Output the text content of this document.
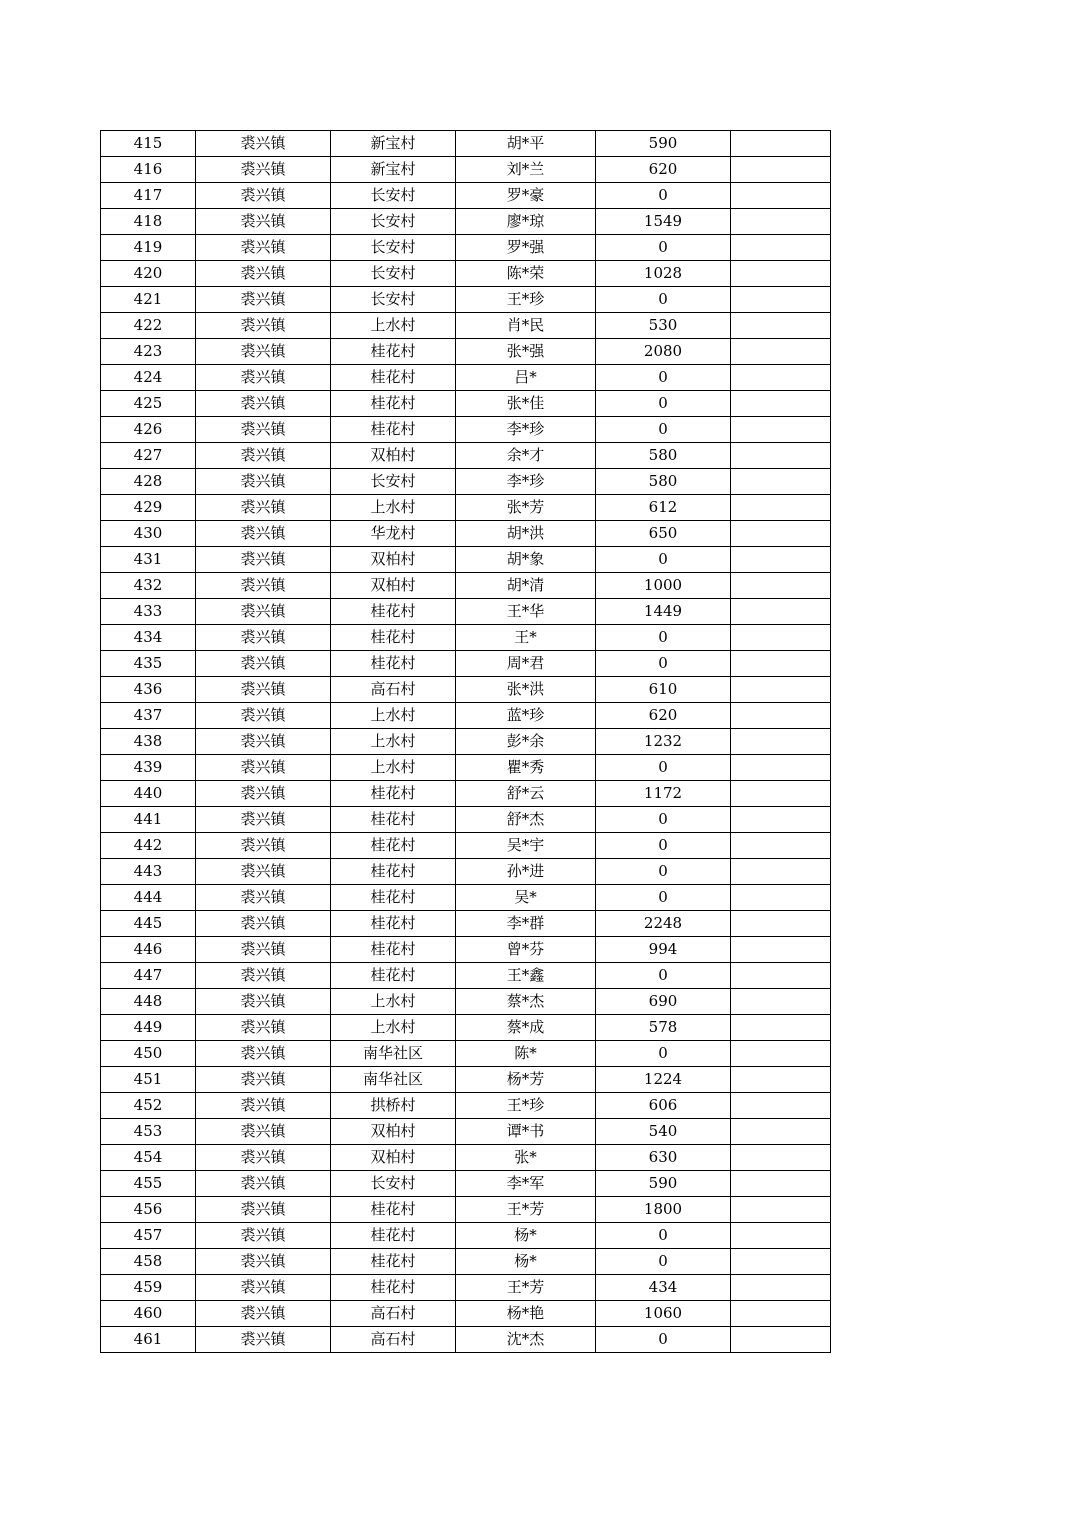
415	裘兴镇	新宝村	胡*平	590	
416	裘兴镇	新宝村	刘*兰	620	
417	裘兴镇	长安村	罗*豪	0	
418	裘兴镇	长安村	廖*琼	1549	
419	裘兴镇	长安村	罗*强	0	
420	裘兴镇	长安村	陈*荣	1028	
421	裘兴镇	长安村	王*珍	0	
422	裘兴镇	上水村	肖*民	530	
423	裘兴镇	桂花村	张*强	2080	
424	裘兴镇	桂花村	吕*	0	
425	裘兴镇	桂花村	张*佳	0	
426	裘兴镇	桂花村	李*珍	0	
427	裘兴镇	双柏村	余*才	580	
428	裘兴镇	长安村	李*珍	580	
429	裘兴镇	上水村	张*芳	612	
430	裘兴镇	华龙村	胡*洪	650	
431	裘兴镇	双柏村	胡*象	0	
432	裘兴镇	双柏村	胡*清	1000	
433	裘兴镇	桂花村	王*华	1449	
434	裘兴镇	桂花村	王*	0	
435	裘兴镇	桂花村	周*君	0	
436	裘兴镇	高石村	张*洪	610	
437	裘兴镇	上水村	蓝*珍	620	
438	裘兴镇	上水村	彭*余	1232	
439	裘兴镇	上水村	瞿*秀	0	
440	裘兴镇	桂花村	舒*云	1172	
441	裘兴镇	桂花村	舒*杰	0	
442	裘兴镇	桂花村	吴*宇	0	
443	裘兴镇	桂花村	孙*进	0	
444	裘兴镇	桂花村	吴*	0	
445	裘兴镇	桂花村	李*群	2248	
446	裘兴镇	桂花村	曾*芬	994	
447	裘兴镇	桂花村	王*鑫	0	
448	裘兴镇	上水村	蔡*杰	690	
449	裘兴镇	上水村	蔡*成	578	
450	裘兴镇	南华社区	陈*	0	
451	裘兴镇	南华社区	杨*芳	1224	
452	裘兴镇	拱桥村	王*珍	606	
453	裘兴镇	双柏村	谭*书	540	
454	裘兴镇	双柏村	张*	630	
455	裘兴镇	长安村	李*军	590	
456	裘兴镇	桂花村	王*芳	1800	
457	裘兴镇	桂花村	杨*	0	
458	裘兴镇	桂花村	杨*	0	
459	裘兴镇	桂花村	王*芳	434	
460	裘兴镇	高石村	杨*艳	1060	
461	裘兴镇	高石村	沈*杰	0	
